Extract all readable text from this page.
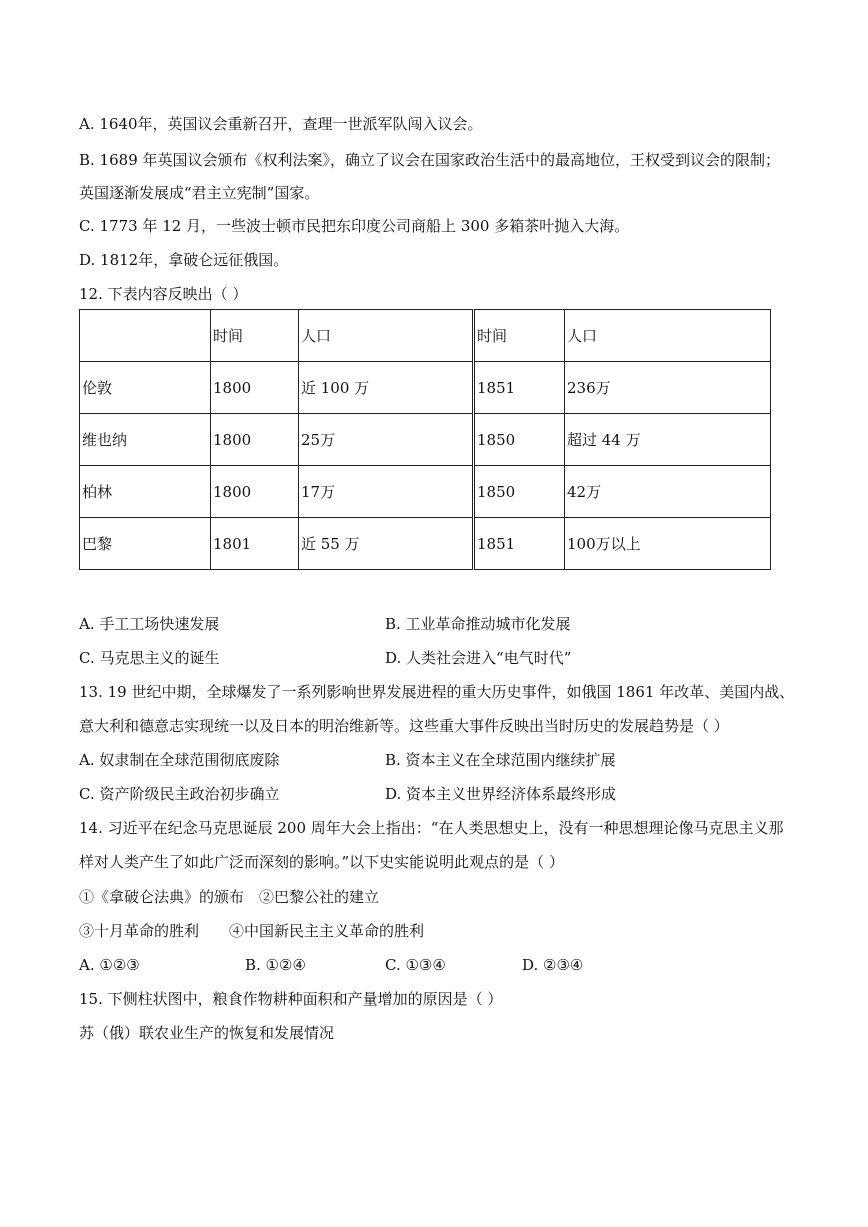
A. 1640年，英国议会重新召开，查理一世派军队闯入议会。
B. 1689 年英国议会颁布《权利法案》，确立了议会在国家政治生活中的最高地位，王权受到议会的限制；
英国逐渐发展成“君主立宪制”国家。
C. 1773 年 12 月，一些波士顿市民把东印度公司商船上 300 多箱茶叶抛入大海。
D. 1812年，拿破仑远征俄国。
12. 下表内容反映出（ ）
	时间	人口	时间	人口
伦敦	1800	近 100 万	1851	236万
维也纳	1800	25万	1850	超过 44 万
柏林	1800	17万	1850	42万
巴黎	1801	近 55 万	1851	100万以上
A. 手工工场快速发展	B. 工业革命推动城市化发展
C. 马克思主义的诞生	D. 人类社会进入“电气时代”
13. 19 世纪中期，全球爆发了一系列影响世界发展进程的重大历史事件，如俄国 1861 年改革、美国内战、
意大利和德意志实现统一以及日本的明治维新等。这些重大事件反映出当时历史的发展趋势是（ ）
A. 奴隶制在全球范围彻底废除	B. 资本主义在全球范围内继续扩展
C. 资产阶级民主政治初步确立	D. 资本主义世界经济体系最终形成
14. 习近平在纪念马克思诞辰 200 周年大会上指出：“在人类思想史上，没有一种思想理论像马克思主义那
样对人类产生了如此广泛而深刻的影响。”以下史实能说明此观点的是（ ）
①《拿破仑法典》的颁布　②巴黎公社的建立
③十月革命的胜利　　④中国新民主主义革命的胜利
A. ①②③	B. ①②④	C. ①③④	D. ②③④
15. 下侧柱状图中，粮食作物耕种面积和产量增加的原因是（ ）
苏（俄）联农业生产的恢复和发展情况
